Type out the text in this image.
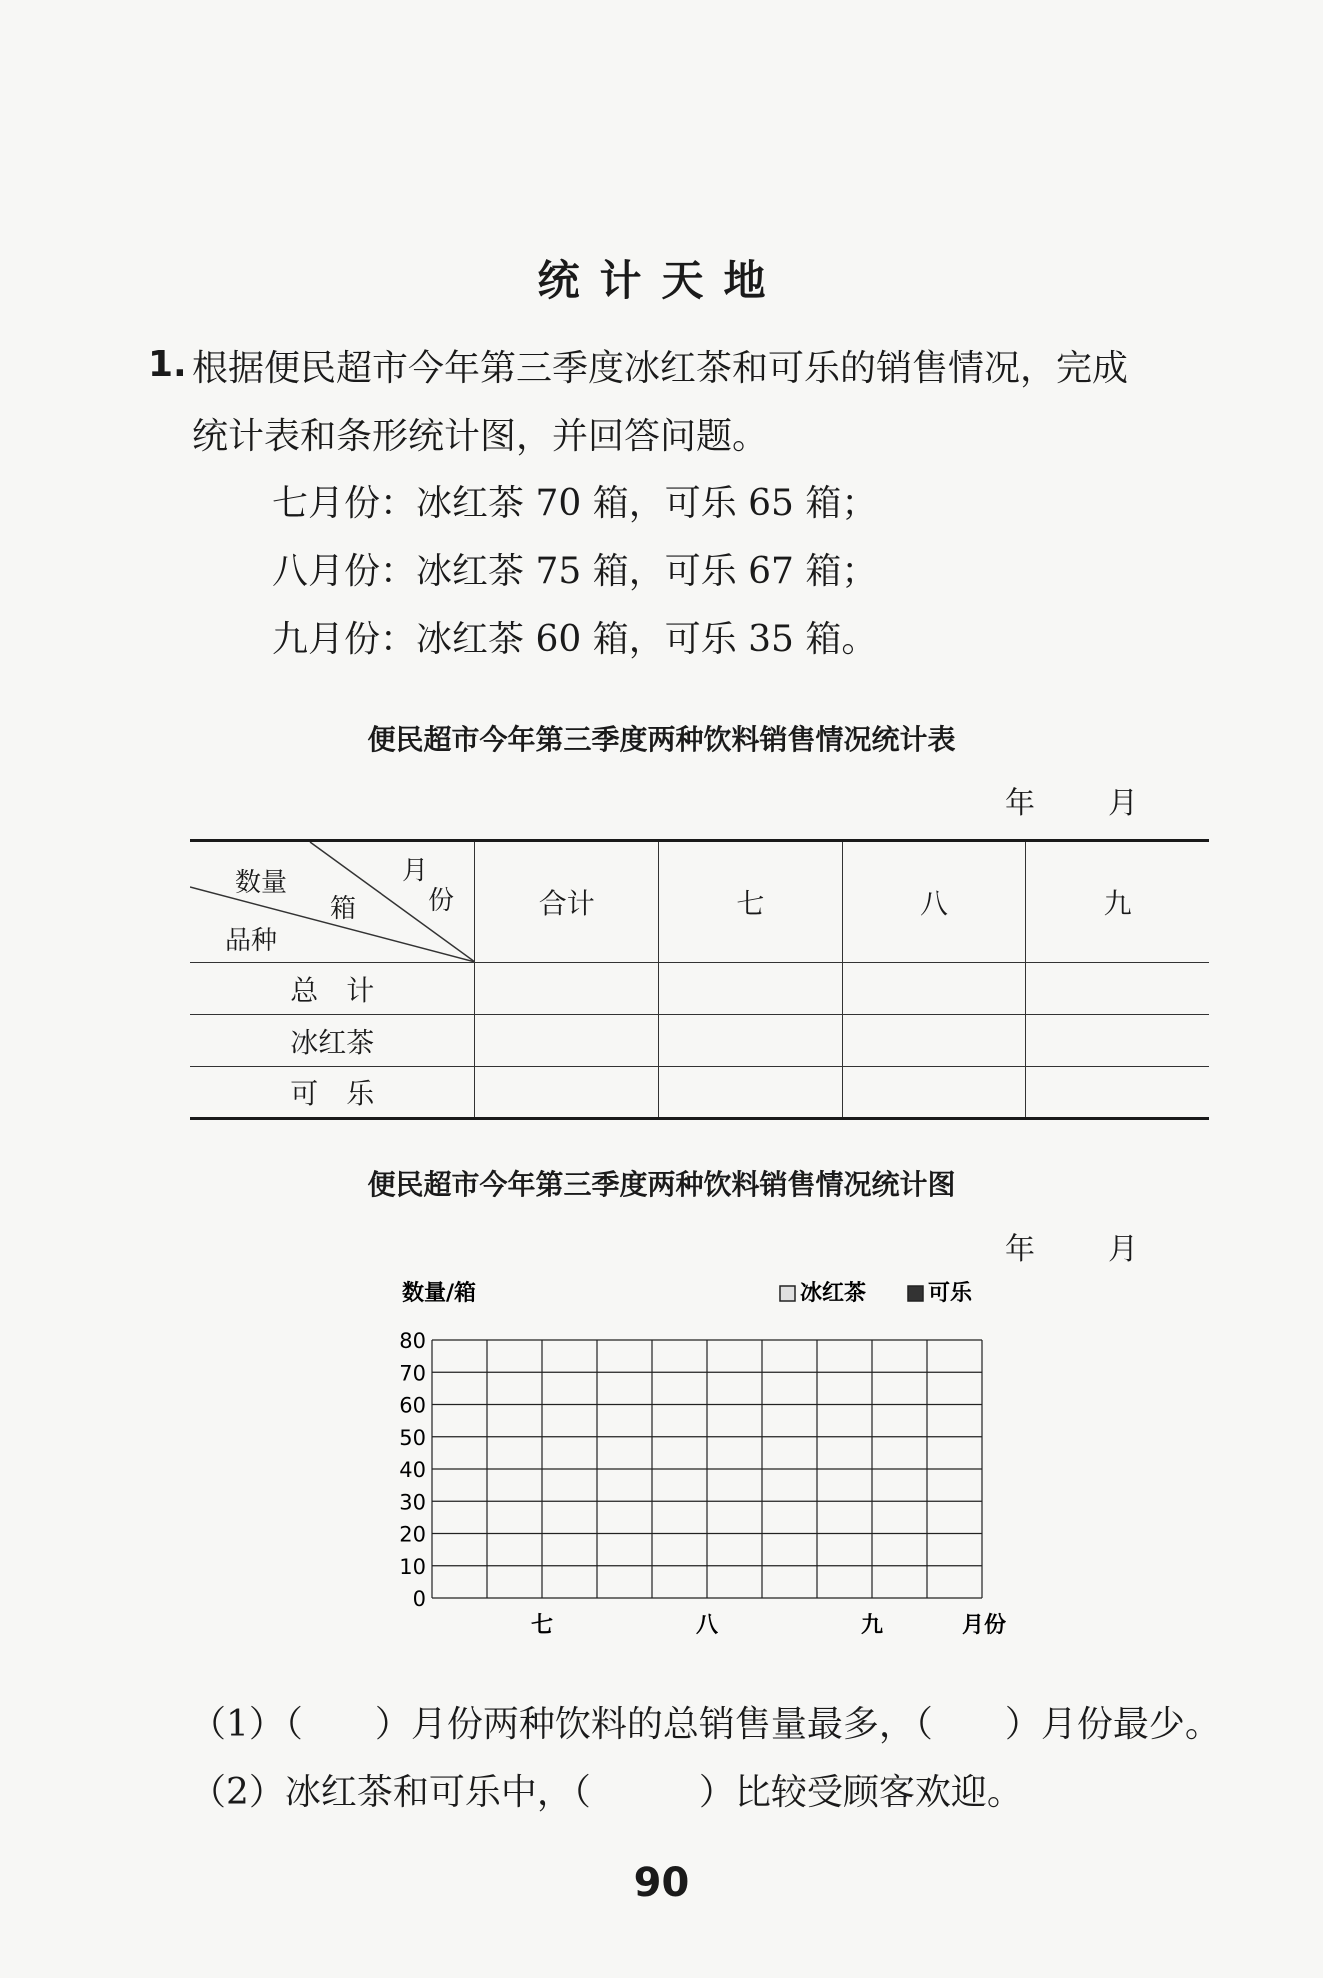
统计天地
1. 根据便民超市今年第三季度冰红茶和可乐的销售情况，完成
统计表和条形统计图，并回答问题。
七月份：冰红茶 70 箱，可乐 65 箱；
八月份：冰红茶 75 箱，可乐 67 箱；
九月份：冰红茶 60 箱，可乐 35 箱。
便民超市今年第三季度两种饮料销售情况统计表
年 月
月
份
数量
箱
品种	合计	七	八	九
总　计				
冰红茶				
可　乐				
便民超市今年第三季度两种饮料销售情况统计图
年 月
数量/箱	冰红茶	可乐
80
70
60
50
40
30
20
10
0
七	八	九	月份
（1）（　　）月份两种饮料的总销售量最多，（　　）月份最少。
（2）冰红茶和可乐中，（　　　）比较受顾客欢迎。
90
